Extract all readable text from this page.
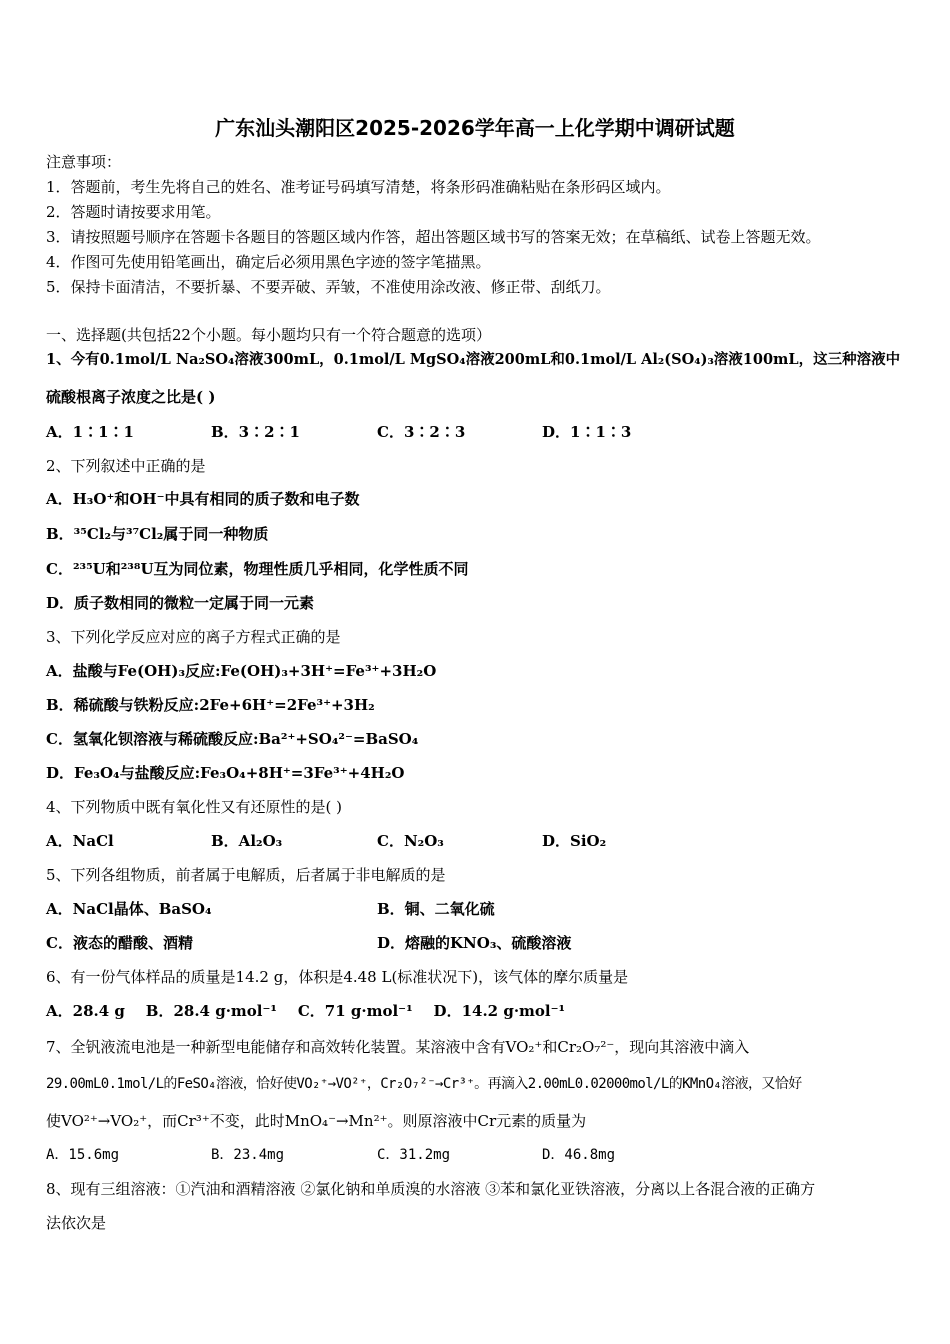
广东汕头潮阳区2025-2026学年高一上化学期中调研试题
注意事项：
1．答题前，考生先将自己的姓名、准考证号码填写清楚，将条形码准确粘贴在条形码区域内。
2．答题时请按要求用笔。
3．请按照题号顺序在答题卡各题目的答题区域内作答，超出答题区域书写的答案无效；在草稿纸、试卷上答题无效。
4．作图可先使用铅笔画出，确定后必须用黑色字迹的签字笔描黑。
5．保持卡面清洁，不要折暴、不要弄破、弄皱，不准使用涂改液、修正带、刮纸刀。
一、选择题(共包括22个小题。每小题均只有一个符合题意的选项）
1、今有0.1mol/L Na₂SO₄溶液300mL，0.1mol/L MgSO₄溶液200mL和0.1mol/L Al₂(SO₄)₃溶液100mL，这三种溶液中
硫酸根离子浓度之比是( )
A．1∶1∶1	B．3∶2∶1	C．3∶2∶3	D．1∶1∶3
2、下列叙述中正确的是
A．H₃O⁺和OH⁻中具有相同的质子数和电子数
B．³⁵Cl₂与³⁷Cl₂属于同一种物质
C．²³⁵U和²³⁸U互为同位素，物理性质几乎相同，化学性质不同
D．质子数相同的微粒一定属于同一元素
3、下列化学反应对应的离子方程式正确的是
A．盐酸与Fe(OH)₃反应:Fe(OH)₃+3H⁺=Fe³⁺+3H₂O
B．稀硫酸与铁粉反应:2Fe+6H⁺=2Fe³⁺+3H₂
C．氢氧化钡溶液与稀硫酸反应:Ba²⁺+SO₄²⁻=BaSO₄
D．Fe₃O₄与盐酸反应:Fe₃O₄+8H⁺=3Fe³⁺+4H₂O
4、下列物质中既有氧化性又有还原性的是( )
A．NaCl	B．Al₂O₃	C．N₂O₃	D．SiO₂
5、下列各组物质，前者属于电解质，后者属于非电解质的是
A．NaCl晶体、BaSO₄	B．铜、二氧化硫
C．液态的醋酸、酒精	D．熔融的KNO₃、硫酸溶液
6、有一份气体样品的质量是14.2 g，体积是4.48 L(标准状况下)，该气体的摩尔质量是
A．28.4 g    B．28.4 g·mol⁻¹    C．71 g·mol⁻¹    D．14.2 g·mol⁻¹
7、全钒液流电池是一种新型电能储存和高效转化装置。某溶液中含有VO₂⁺和Cr₂O₇²⁻，现向其溶液中滴入
29.00mL0.1mol/L的FeSO₄溶液，恰好使VO₂⁺→VO²⁺，Cr₂O₇²⁻→Cr³⁺。再滴入2.00mL0.02000mol/L的KMnO₄溶液，又恰好
使VO²⁺→VO₂⁺，而Cr³⁺不变，此时MnO₄⁻→Mn²⁺。则原溶液中Cr元素的质量为
A．15.6mg	B．23.4mg	C．31.2mg	D．46.8mg
8、现有三组溶液：①汽油和酒精溶液 ②氯化钠和单质溴的水溶液 ③苯和氯化亚铁溶液，分离以上各混合液的正确方
法依次是
